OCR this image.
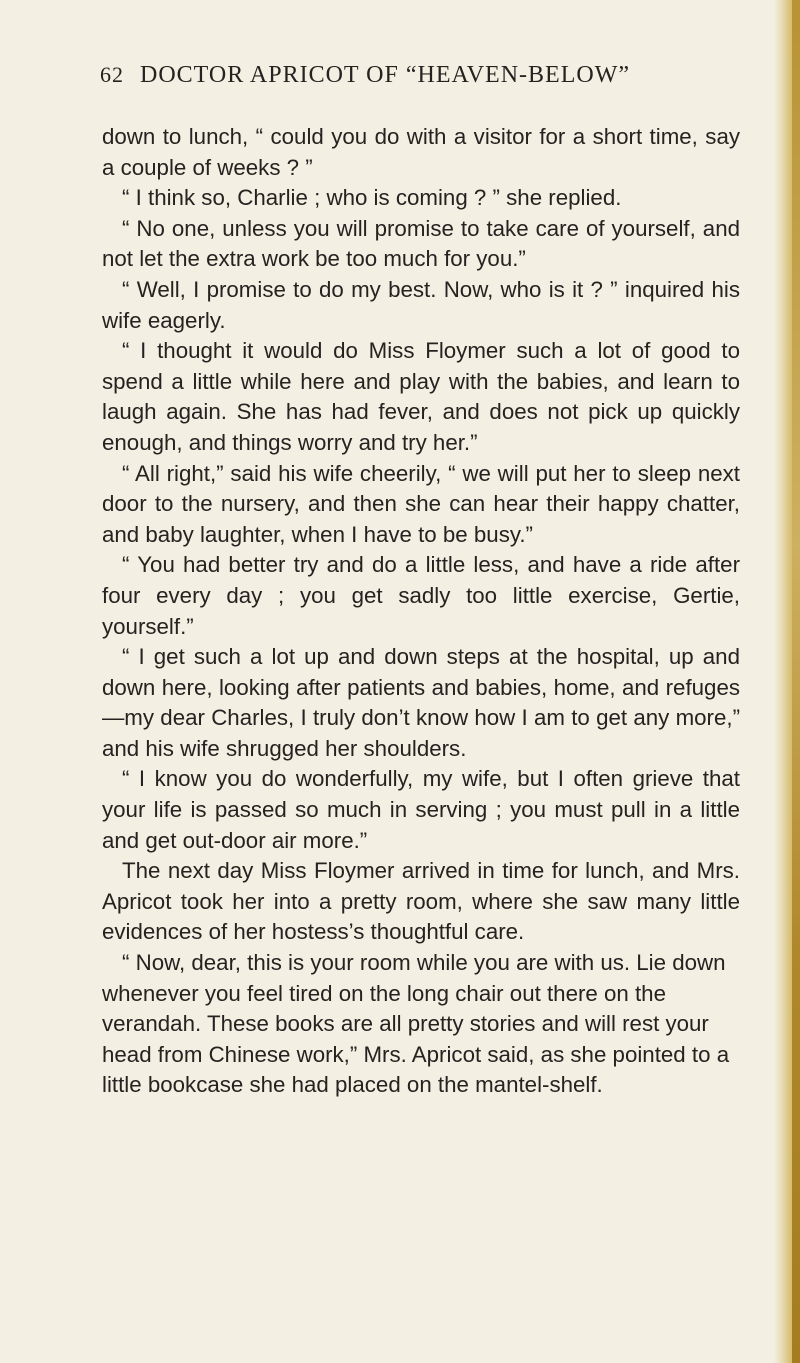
62 DOCTOR APRICOT OF “HEAVEN-BELOW”

down to lunch, “ could you do with a visitor for a short time, say a couple of weeks ? ”

“ I think so, Charlie ; who is coming ? ” she replied.

“ No one, unless you will promise to take care of yourself, and not let the extra work be too much for you.”

“ Well, I promise to do my best. Now, who is it ? ” inquired his wife eagerly.

“ I thought it would do Miss Floymer such a lot of good to spend a little while here and play with the babies, and learn to laugh again. She has had fever, and does not pick up quickly enough, and things worry and try her.”

“ All right,” said his wife cheerily, “ we will put her to sleep next door to the nursery, and then she can hear their happy chatter, and baby laughter, when I have to be busy.”

“ You had better try and do a little less, and have a ride after four every day ; you get sadly too little exercise, Gertie, yourself.”

“ I get such a lot up and down steps at the hospital, up and down here, looking after patients and babies, home, and refuges—my dear Charles, I truly don’t know how I am to get any more,” and his wife shrugged her shoulders.

“ I know you do wonderfully, my wife, but I often grieve that your life is passed so much in serving ; you must pull in a little and get out-door air more.”

The next day Miss Floymer arrived in time for lunch, and Mrs. Apricot took her into a pretty room, where she saw many little evidences of her hostess’s thoughtful care.

“ Now, dear, this is your room while you are with us. Lie down whenever you feel tired on the long chair out there on the verandah. These books are all pretty stories and will rest your head from Chinese work,” Mrs. Apricot said, as she pointed to a little bookcase she had placed on the mantel-shelf.
